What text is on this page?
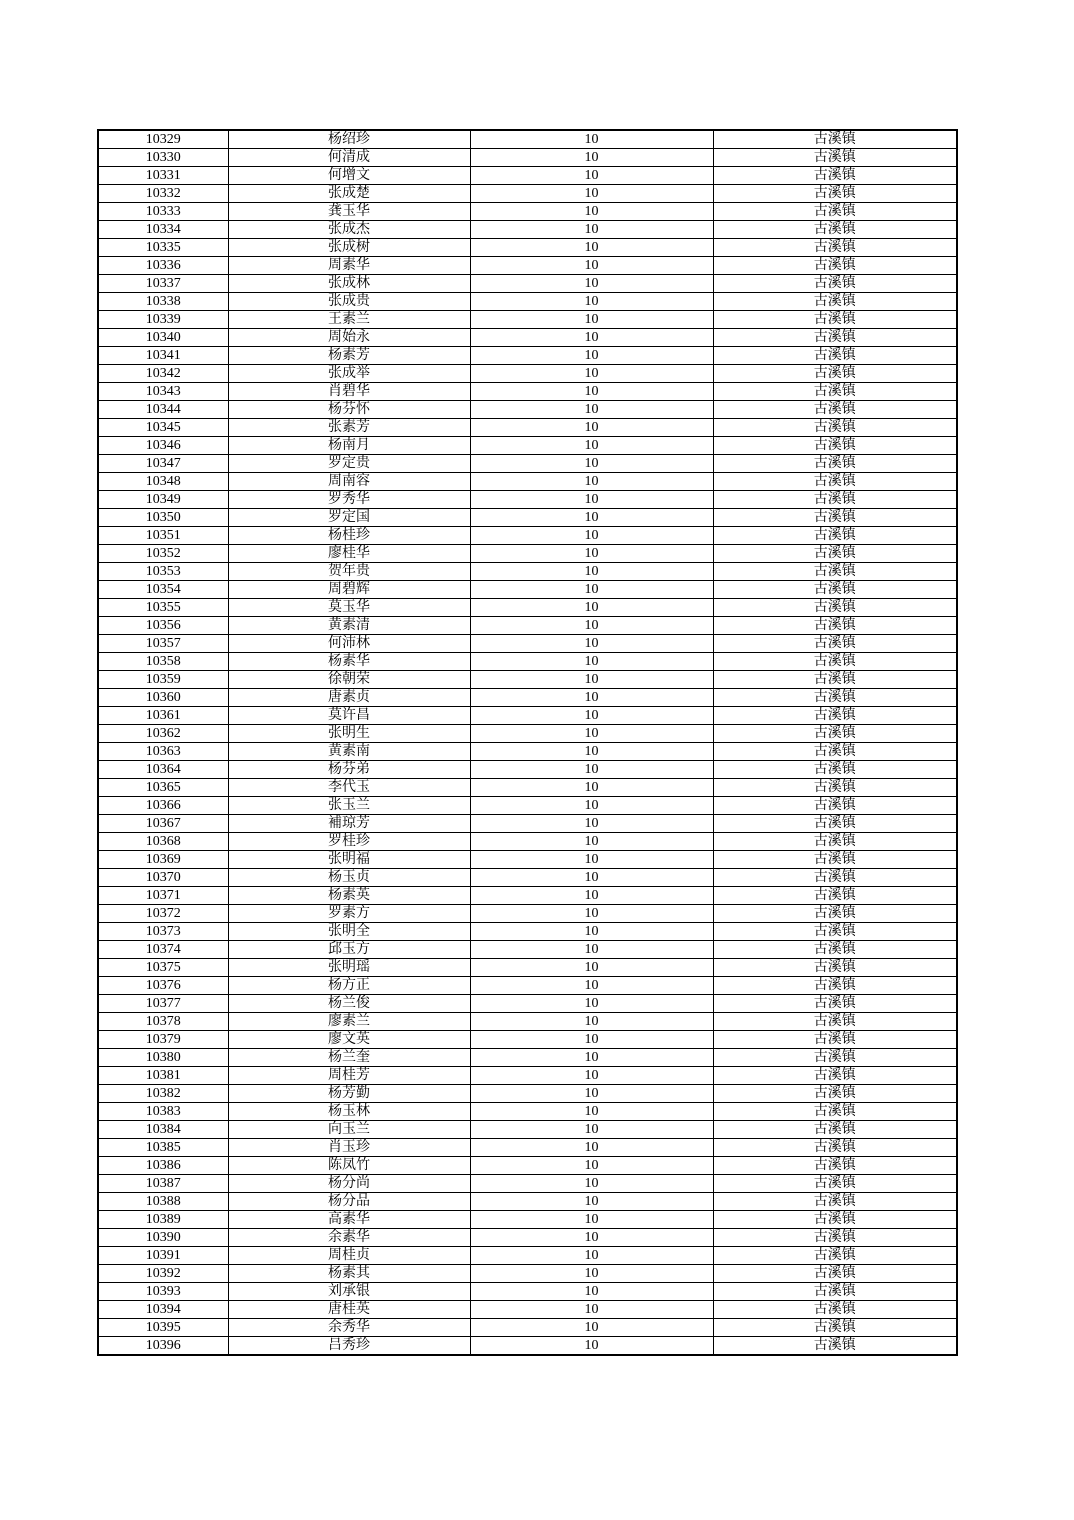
10329	杨绍珍	10	古溪镇
10330	何清成	10	古溪镇
10331	何增文	10	古溪镇
10332	张成楚	10	古溪镇
10333	龚玉华	10	古溪镇
10334	张成杰	10	古溪镇
10335	张成树	10	古溪镇
10336	周素华	10	古溪镇
10337	张成林	10	古溪镇
10338	张成贵	10	古溪镇
10339	王素兰	10	古溪镇
10340	周始永	10	古溪镇
10341	杨素芳	10	古溪镇
10342	张成举	10	古溪镇
10343	肖碧华	10	古溪镇
10344	杨芬怀	10	古溪镇
10345	张素芳	10	古溪镇
10346	杨南月	10	古溪镇
10347	罗定贵	10	古溪镇
10348	周南容	10	古溪镇
10349	罗秀华	10	古溪镇
10350	罗定国	10	古溪镇
10351	杨桂珍	10	古溪镇
10352	廖桂华	10	古溪镇
10353	贺年贵	10	古溪镇
10354	周碧辉	10	古溪镇
10355	莫玉华	10	古溪镇
10356	黄素清	10	古溪镇
10357	何沛林	10	古溪镇
10358	杨素华	10	古溪镇
10359	徐朝荣	10	古溪镇
10360	唐素贞	10	古溪镇
10361	莫许昌	10	古溪镇
10362	张明生	10	古溪镇
10363	黄素南	10	古溪镇
10364	杨芬弟	10	古溪镇
10365	李代玉	10	古溪镇
10366	张玉兰	10	古溪镇
10367	補琼芳	10	古溪镇
10368	罗桂珍	10	古溪镇
10369	张明福	10	古溪镇
10370	杨玉贞	10	古溪镇
10371	杨素英	10	古溪镇
10372	罗素方	10	古溪镇
10373	张明全	10	古溪镇
10374	邱玉方	10	古溪镇
10375	张明瑶	10	古溪镇
10376	杨方正	10	古溪镇
10377	杨兰俊	10	古溪镇
10378	廖素兰	10	古溪镇
10379	廖文英	10	古溪镇
10380	杨兰奎	10	古溪镇
10381	周桂芳	10	古溪镇
10382	杨芳勤	10	古溪镇
10383	杨玉林	10	古溪镇
10384	向玉兰	10	古溪镇
10385	肖玉珍	10	古溪镇
10386	陈凤竹	10	古溪镇
10387	杨分尚	10	古溪镇
10388	杨分品	10	古溪镇
10389	高素华	10	古溪镇
10390	余素华	10	古溪镇
10391	周桂贞	10	古溪镇
10392	杨素其	10	古溪镇
10393	刘承银	10	古溪镇
10394	唐桂英	10	古溪镇
10395	余秀华	10	古溪镇
10396	吕秀珍	10	古溪镇
